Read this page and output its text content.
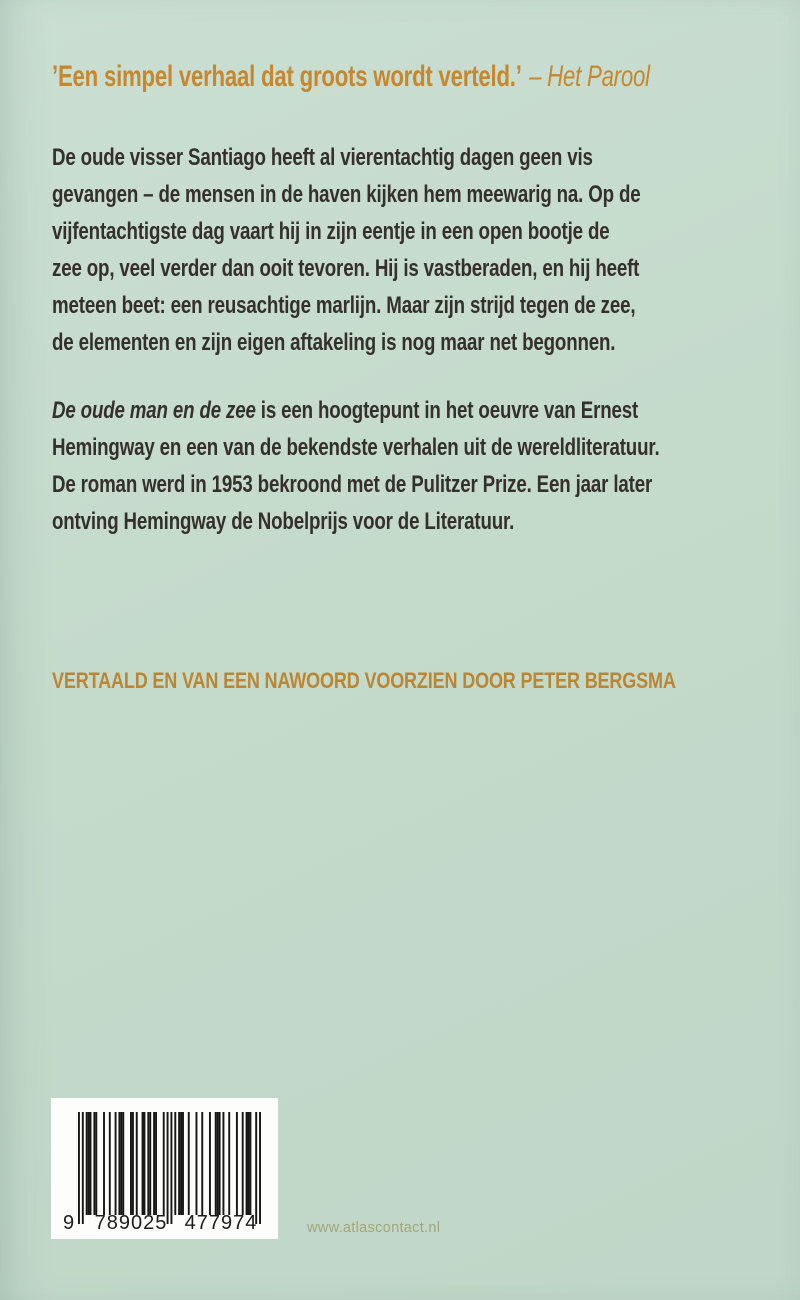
’Een simpel verhaal dat groots wordt verteld.’ – Het Parool
De oude visser Santiago heeft al vierentachtig dagen geen vis
gevangen – de mensen in de haven kijken hem meewarig na. Op de
vijfentachtigste dag vaart hij in zijn eentje in een open bootje de
zee op, veel verder dan ooit tevoren. Hij is vastberaden, en hij heeft
meteen beet: een reusachtige marlijn. Maar zijn strijd tegen de zee,
de elementen en zijn eigen aftakeling is nog maar net begonnen.
De oude man en de zee is een hoogtepunt in het oeuvre van Ernest
Hemingway en een van de bekendste verhalen uit de wereldliteratuur.
De roman werd in 1953 bekroond met de Pulitzer Prize. Een jaar later
ontving Hemingway de Nobelprijs voor de Literatuur.
VERTAALD EN VAN EEN NAWOORD VOORZIEN DOOR PETER BERGSMA
9 789025 477974	www.atlascontact.nl
